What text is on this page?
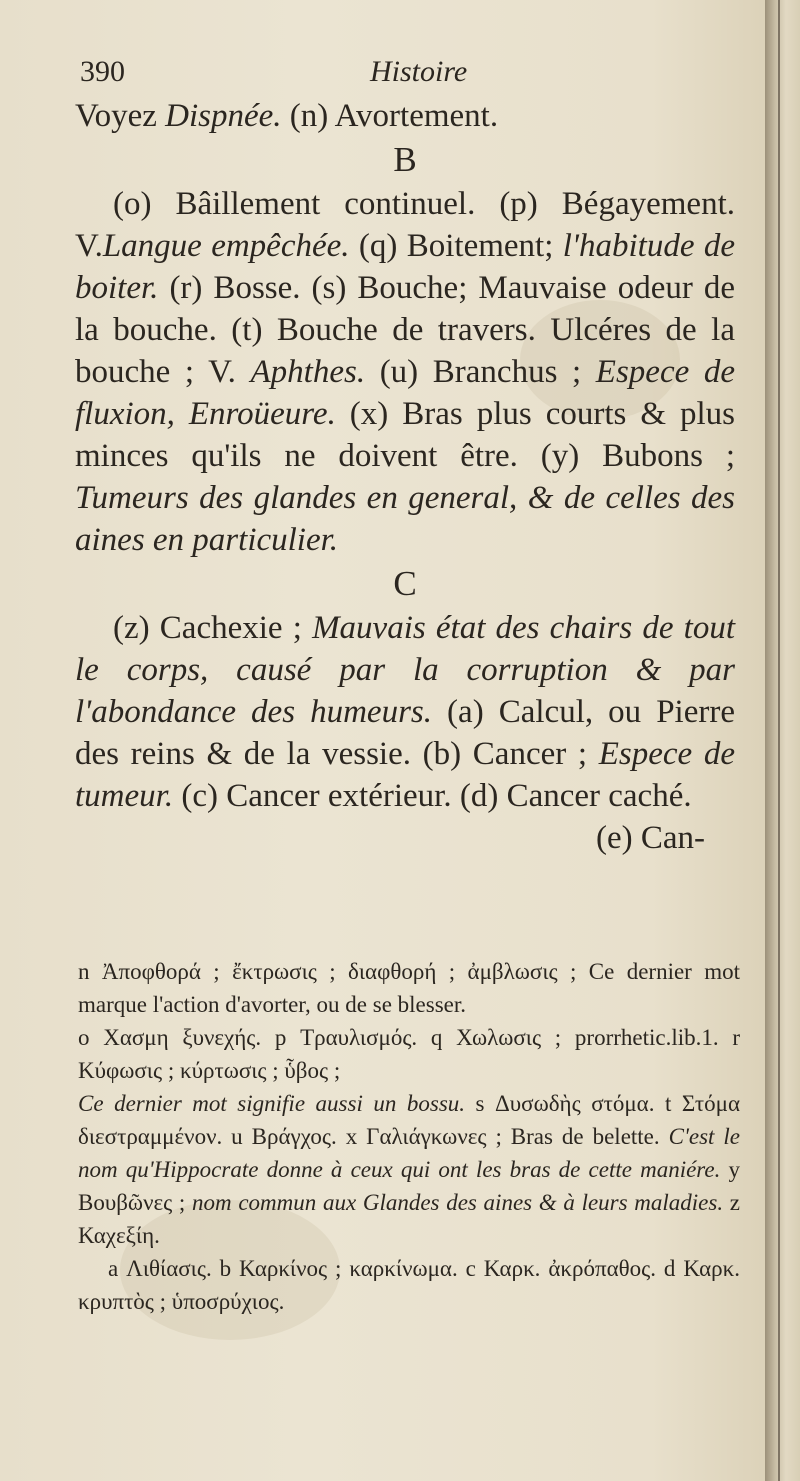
390	Histoire

Voyez Dispnée. (n) Avortement.

B

(o) Bâillement continuel. (p) Bégayement. V.Langue empêchée. (q) Boitement; l'habitude de boiter. (r) Bosse. (s) Bouche; Mauvaise odeur de la bouche. (t) Bouche de travers. Ulcéres de la bouche ; V. Aphthes. (u) Branchus ; Espece de fluxion, Enroüeure. (x) Bras plus courts & plus minces qu'ils ne doivent être. (y) Bubons ; Tumeurs des glandes en general, & de celles des aines en particulier.

C

(z) Cachexie ; Mauvais état des chairs de tout le corps, causé par la corruption & par l'abondance des humeurs. (a) Calcul, ou Pierre des reins & de la vessie. (b) Cancer ; Espece de tumeur. (c) Cancer extérieur. (d) Cancer caché.

(e) Can-

n Ἀποφθορά ; ἔκτρωσις ; διαφθορή ; ἀμβλωσις ; Ce dernier mot marque l'action d'avorter, ou de se blesser.

o Χασμη ξυνεχής. p Τραυλισμός. q Χωλωσις ; prorrhetic.lib.1. r Κύφωσις ; κύρτωσις ; ὗβος ;

Ce dernier mot signifie aussi un bossu. s Δυσωδὴς στόμα. t Στόμα διεστραμμένον. u Βράγχος. x Γαλιάγκωνες ; Bras de belette. C'est le nom qu'Hippocrate donne à ceux qui ont les bras de cette maniére. y Βουβῶνες ; nom commun aux Glandes des aines & à leurs maladies. z Καχεξίη.

a Λιθίασις. b Καρκίνος ; καρκίνωμα. c Καρκ. ἀκρόπαθος. d Καρκ. κρυπτὸς ; ὑποσρύχιος.
